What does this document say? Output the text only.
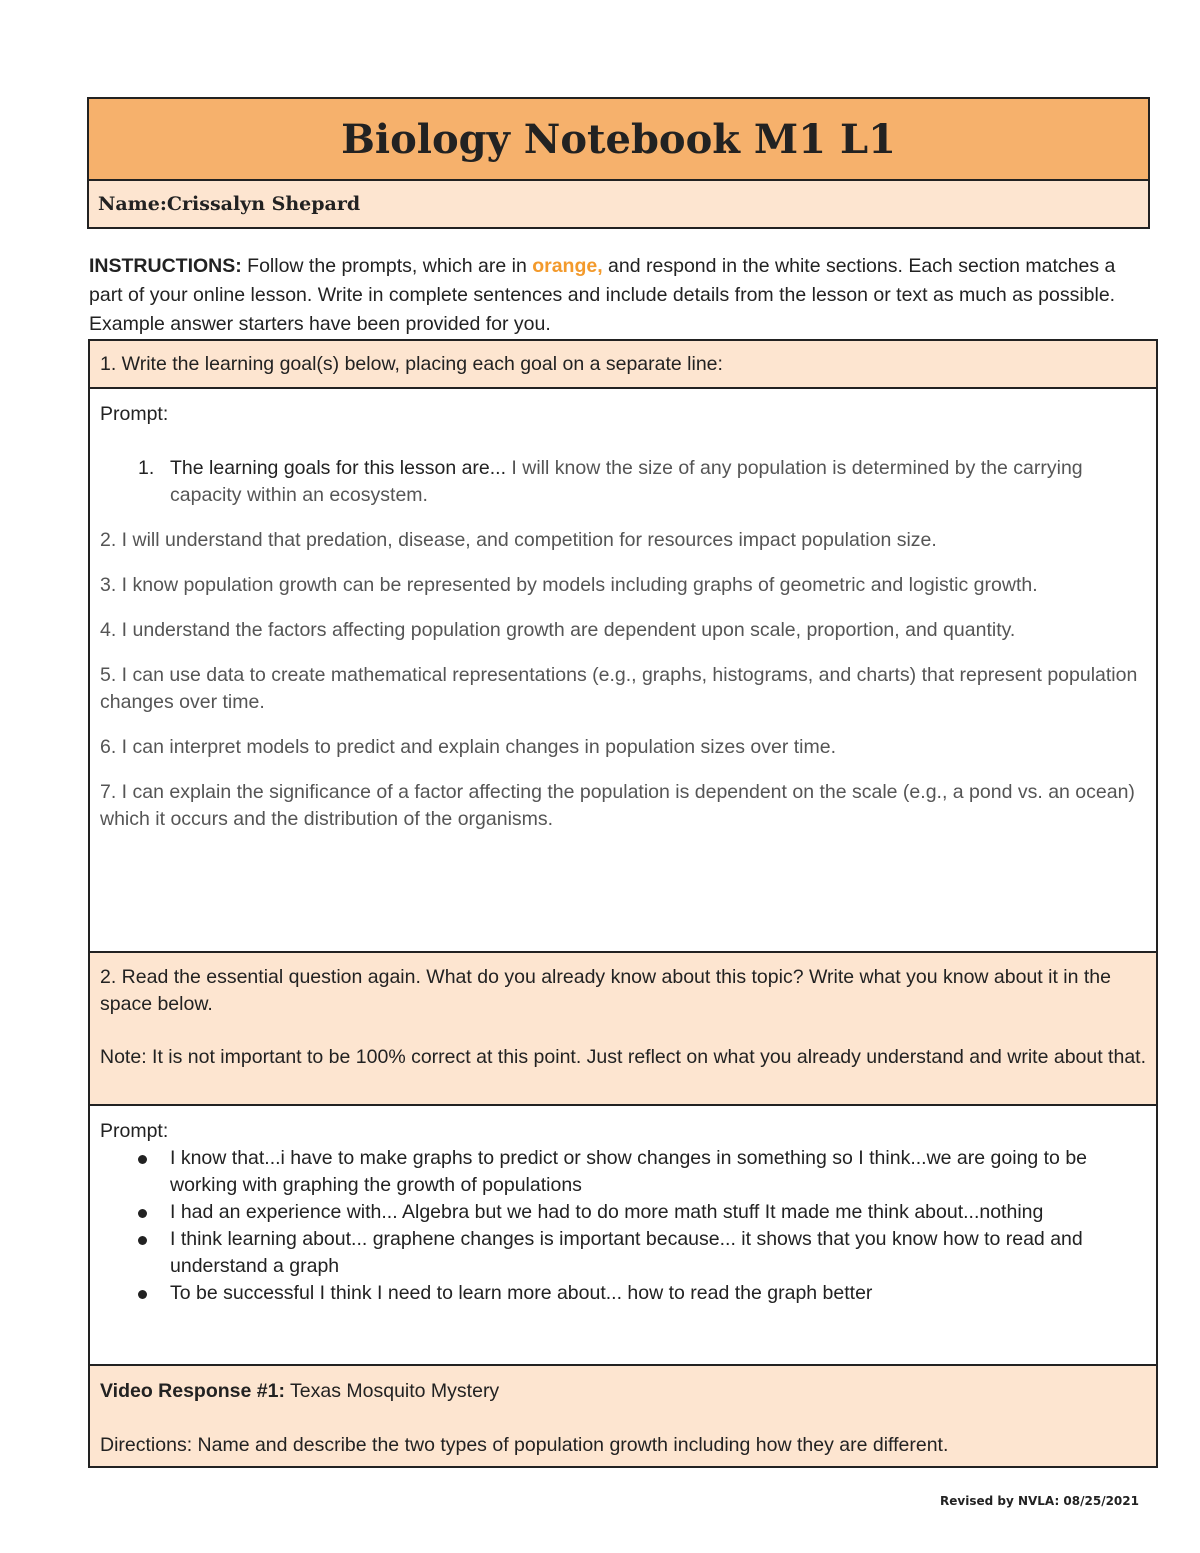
Biology Notebook M1 L1
Name: Crissalyn Shepard
INSTRUCTIONS: Follow the prompts, which are in orange, and respond in the white sections. Each section matches a part of your online lesson. Write in complete sentences and include details from the lesson or text as much as possible. Example answer starters have been provided for you.
1. Write the learning goal(s) below, placing each goal on a separate line:

Prompt:

1. The learning goals for this lesson are... I will know the size of any population is determined by the carrying capacity within an ecosystem.
2. I will understand that predation, disease, and competition for resources impact population size.
3. I know population growth can be represented by models including graphs of geometric and logistic growth.
4. I understand the factors affecting population growth are dependent upon scale, proportion, and quantity.
5. I can use data to create mathematical representations (e.g., graphs, histograms, and charts) that represent population changes over time.
6. I can interpret models to predict and explain changes in population sizes over time.
7. I can explain the significance of a factor affecting the population is dependent on the scale (e.g., a pond vs. an ocean) which it occurs and the distribution of the organisms.
2. Read the essential question again. What do you already know about this topic? Write what you know about it in the space below.
Note: It is not important to be 100% correct at this point. Just reflect on what you already understand and write about that.
Prompt:
I know that...i have to make graphs to predict or show changes in something so I think...we are going to be working with graphing the growth of populations
I had an experience with... Algebra but we had to do more math stuff It made me think about...nothing
I think learning about... graphene changes is important because... it shows that you know how to read and understand a graph
To be successful I think I need to learn more about... how to read the graph better
Video Response #1: Texas Mosquito Mystery
Directions: Name and describe the two types of population growth including how they are different.
Revised by NVLA: 08/25/2021
